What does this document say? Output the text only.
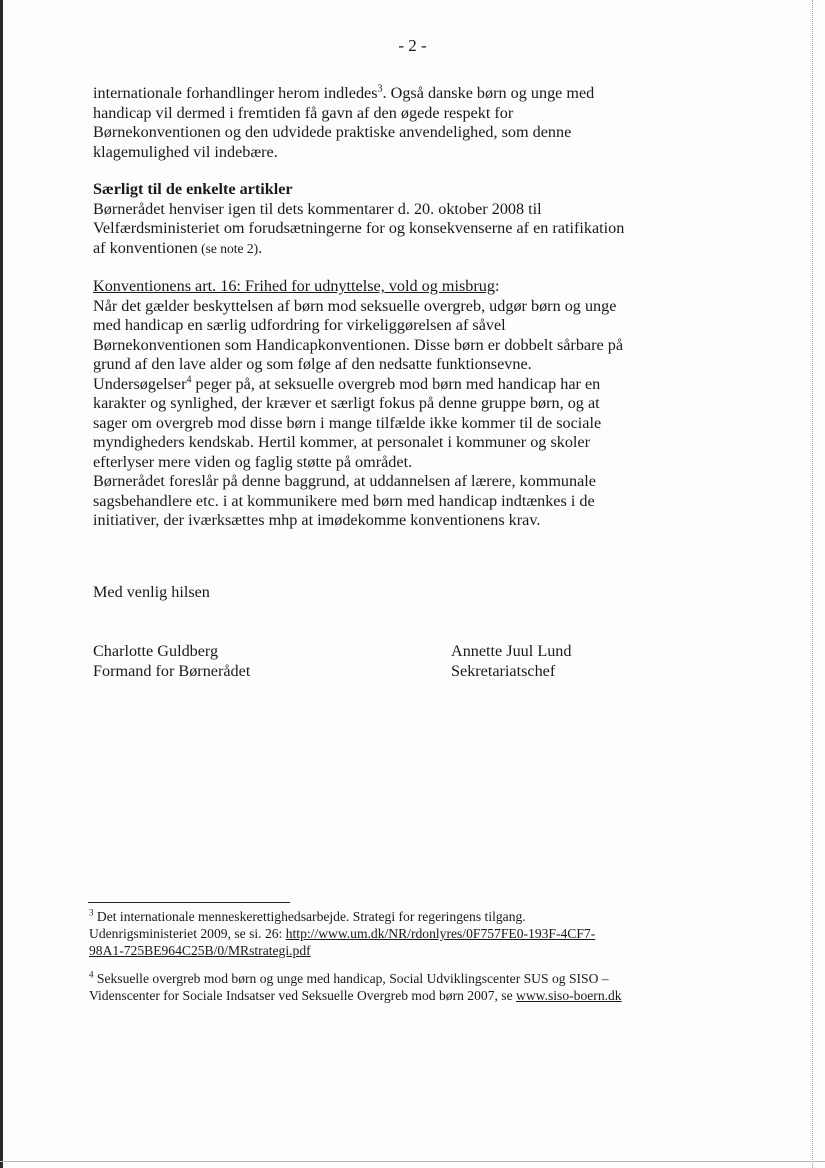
- 2 -

internationale forhandlinger herom indledes$^3$. Også danske børn og unge med handicap vil dermed i fremtiden få gavn af den øgede respekt for Børnekonventionen og den udvidede praktiske anvendelighed, som denne klagemulighed vil indebære.

Særligt til de enkelte artikler

Børnerådet henviser igen til dets kommentarer d. 20. oktober 2008 til Velfærdsministeriet om forudsætningerne for og konsekvenserne af en ratifikation af konventionen (se note 2).

Konventionens art. 16: Frihed for udnyttelse, vold og misbrug:

Når det gælder beskyttelsen af børn mod seksuelle overgreb, udgør børn og unge med handicap en særlig udfordring for virkeliggørelsen af såvel Børnekonventionen som Handicapkonventionen. Disse børn er dobbelt sårbare på grund af den lave alder og som følge af den nedsatte funktionsevne.

Undersøgelser$^4$ peger på, at seksuelle overgreb mod børn med handicap har en karakter og synlighed, der kræver et særligt fokus på denne gruppe børn, og at sager om overgreb mod disse børn i mange tilfælde ikke kommer til de sociale myndigheders kendskab. Hertil kommer, at personalet i kommuner og skoler efterlyser mere viden og faglig støtte på området.

Børnerådet foreslår på denne baggrund, at uddannelsen af lærere, kommunale sagsbehandlere etc. i at kommunikere med børn med handicap indtænkes i de initiativer, der iværksættes mhp at imødekomme konventionens krav.

Med venlig hilsen
Charlotte Guldberg
Formand for Børnerådet
Annette Juul Lund
Sekretariatschef
$^3$ Det internationale menneskerettighedsarbejde. Strategi for regeringens tilgang. Udenrigsministeriet 2009, se si. 26: http://www.um.dk/NR/rdonlyres/0F757FE0-193F-4CF7-98A1-725BE964C25B/0/MRstrategi.pdf
$^4$ Seksuelle overgreb mod børn og unge med handicap, Social Udviklingscenter SUS og SISO – Videnscenter for Sociale Indsatser ved Seksuelle Overgreb mod børn 2007, se www.siso-boern.dk
